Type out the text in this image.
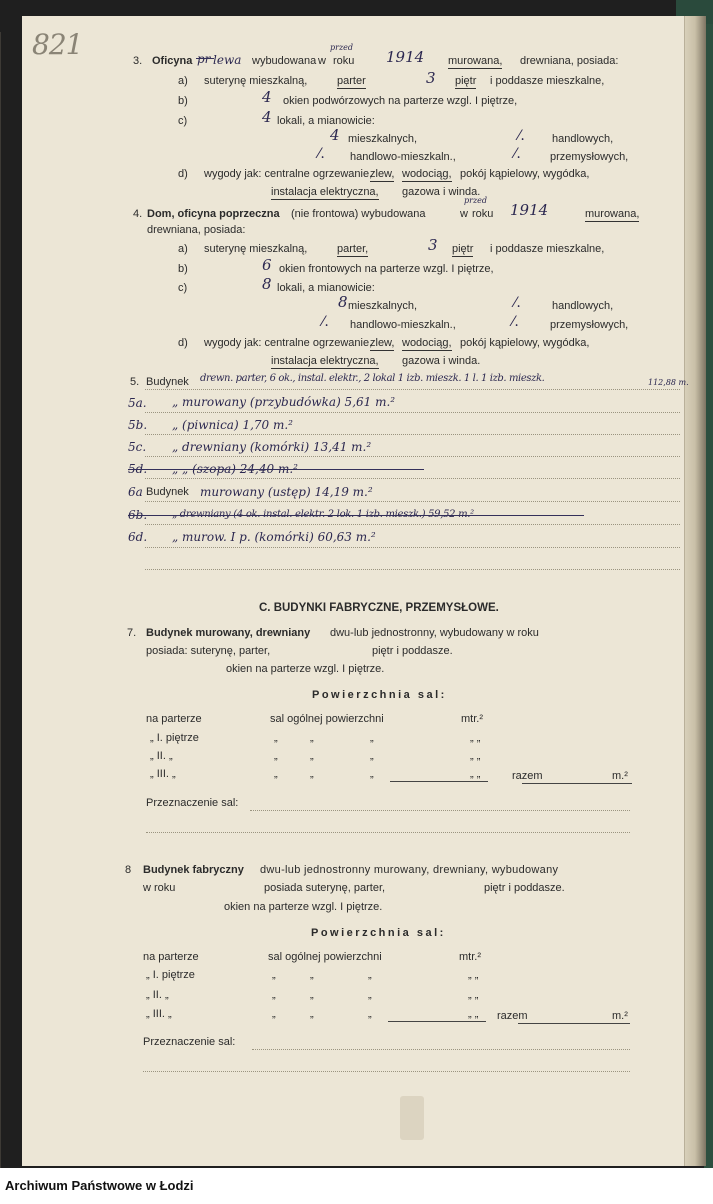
821	3. Oficyna pr lewa wybudowana w
przed
roku 1914 murowana, drewniana, posiada:
a) suterynę mieszkalną,	parter	3 piętr i poddasze mieszkalne,
b)	4 okien podwórzowych na parterze wzgl. I piętrze,
c)	4 lokali, a mianowicie:
4 mieszkalnych,	⁄. handlowych,
⁄. handlowo-mieszkaln.,	⁄.	przemysłowych,
d) wygody jak: centralne ogrzewanie,
zlew, wodociąg, pokój kąpielowy, wygódka,
instalacja elektryczna, gazowa i winda.
4. Dom, oficyna poprzeczna (nie frontowa) wybudowana	w
przed
roku 1914	murowana,
drewniana, posiada:
a) suterynę mieszkalną,	parter,	3 piętr i poddasze mieszkalne,
b)	6 okien frontowych na parterze wzgl. I piętrze,
c)	8 lokali, a mianowicie:
8 mieszkalnych,	⁄.	handlowych,
⁄. handlowo-mieszkaln.,	⁄.	przemysłowych,
d) wygody jak: centralne ogrzewanie,
zlew, wodociąg, pokój kąpielowy, wygódka,
instalacja elektryczna, gazowa i winda.
5. Budynek drewn. parter, 6 ok., instal. elektr., 2 lokal 1 izb. mieszk. 1 l. 1 izb. mieszk.	112,88 m.
5a. „ murowany (przybudówka) 5,61 m.²
5b. „ (piwnica) 1,70 m.²
5c. „ drewniany (komórki) 13,41 m.²
5d. „ „ (szopa) 24,40 m.²
6a Budynek murowany (ustęp) 14,19 m.²
6b. „ drewniany (4 ok. instal. elektr. 2 lok. 1 izb. mieszk.) 59,52 m.²
6d. „ murow. I p. (komórki) 60,63 m.²
C. BUDYNKI FABRYCZNE, PRZEMYSŁOWE.
7. Budynek murowany, drewniany dwu-lub jednostronny, wybudowany w roku
posiada: suterynę, parter,	piętr i poddasze.
okien na parterze wzgl. I piętrze.
Powierzchnia sal:
na parterze	sal ogólnej powierzchni	mtr.²
„ I. piętrze	„	„	„	„ „
„ II. „	„	„	„	„ „
„ III. „	„	„	„	„ „	razem	m.²
Przeznaczenie sal:
8 Budynek fabryczny dwu-lub jednostronny murowany, drewniany, wybudowany
w roku	posiada suterynę, parter,	piętr i poddasze.
okien na parterze wzgl. I piętrze.
Powierzchnia sal:
na parterze	sal ogólnej powierzchni	mtr.²
„ I. piętrze	„	„	„	„ „
„ II. „	„	„	„	„ „
„ III. „	„	„	„	„ „ razem	m.²
Przeznaczenie sal:
Archiwum Państwowe w Łodzi
